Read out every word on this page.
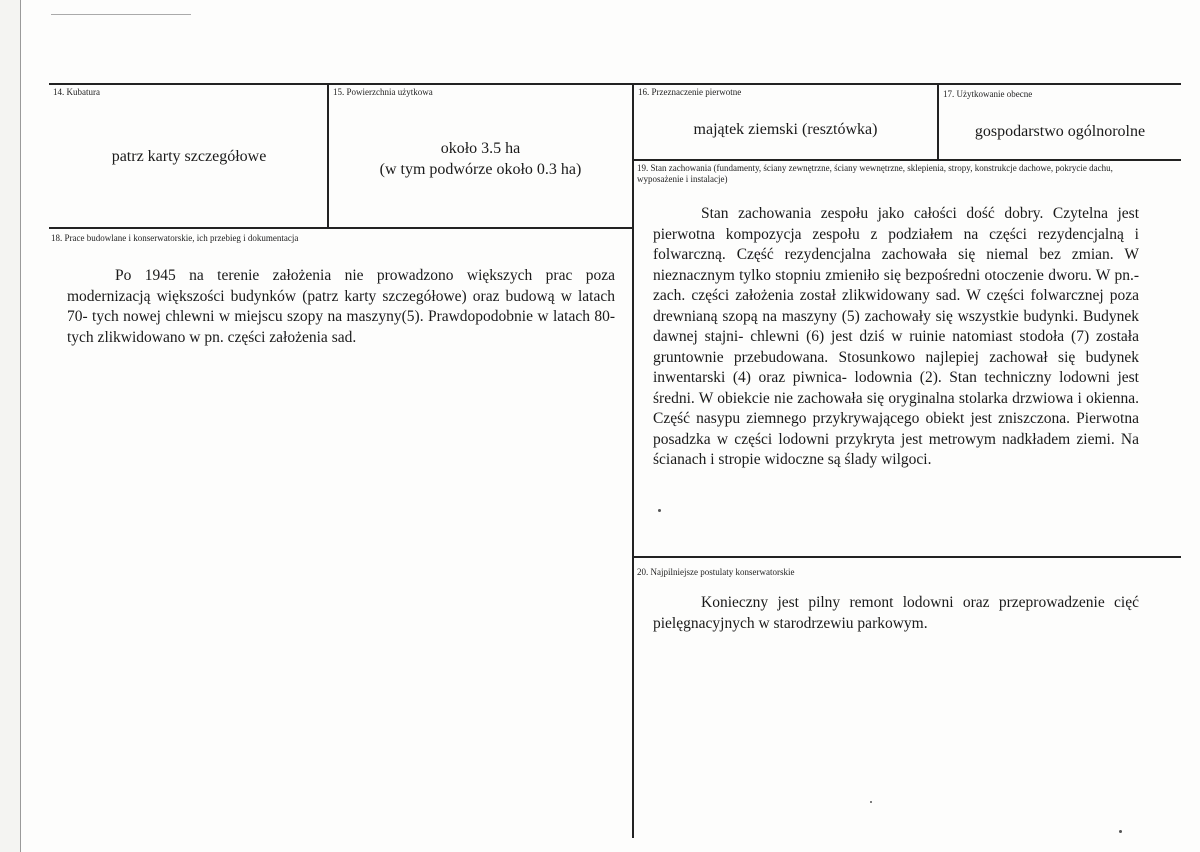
14. Kubatura
patrz karty szczegółowe
15. Powierzchnia użytkowa
około 3.5 ha
(w tym podwórze około 0.3 ha)
16. Przeznaczenie pierwotne
majątek ziemski (resztówka)
17. Użytkowanie obecne
gospodarstwo ogólnorolne
18. Prace budowlane i konserwatorskie, ich przebieg i dokumentacja
Po 1945 na terenie założenia nie prowadzono większych prac poza modernizacją większości budynków (patrz karty szczegółowe) oraz budową w latach 70- tych nowej chlewni w miejscu szopy na maszyny(5). Prawdopodobnie w latach 80- tych zlikwidowano w pn. części założenia sad.
19. Stan zachowania (fundamenty, ściany zewnętrzne, ściany wewnętrzne, sklepienia, stropy, konstrukcje dachowe, pokrycie dachu, wyposażenie i instalacje)
Stan zachowania zespołu jako całości dość dobry. Czytelna jest pierwotna kompozycja zespołu z podziałem na części rezydencjalną i folwarczną. Część rezydencjalna zachowała się niemal bez zmian. W nieznacznym tylko stopniu zmieniło się bezpośredni otoczenie dworu. W pn.- zach. części założenia został zlikwidowany sad. W części folwarcznej poza drewnianą szopą na maszyny (5) zachowały się wszystkie budynki. Budynek dawnej stajni- chlewni (6) jest dziś w ruinie natomiast stodoła (7) została gruntownie przebudowana. Stosunkowo najlepiej zachował się budynek inwentarski (4) oraz piwnica- lodownia (2). Stan techniczny lodowni jest średni. W obiekcie nie zachowała się oryginalna stolarka drzwiowa i okienna. Część nasypu ziemnego przykrywającego obiekt jest zniszczona. Pierwotna posadzka w części lodowni przykryta jest metrowym nadkładem ziemi. Na ścianach i stropie widoczne są ślady wilgoci.
20. Najpilniejsze postulaty konserwatorskie
Konieczny jest pilny remont lodowni oraz przeprowadzenie cięć pielęgnacyjnych w starodrzewiu parkowym.
